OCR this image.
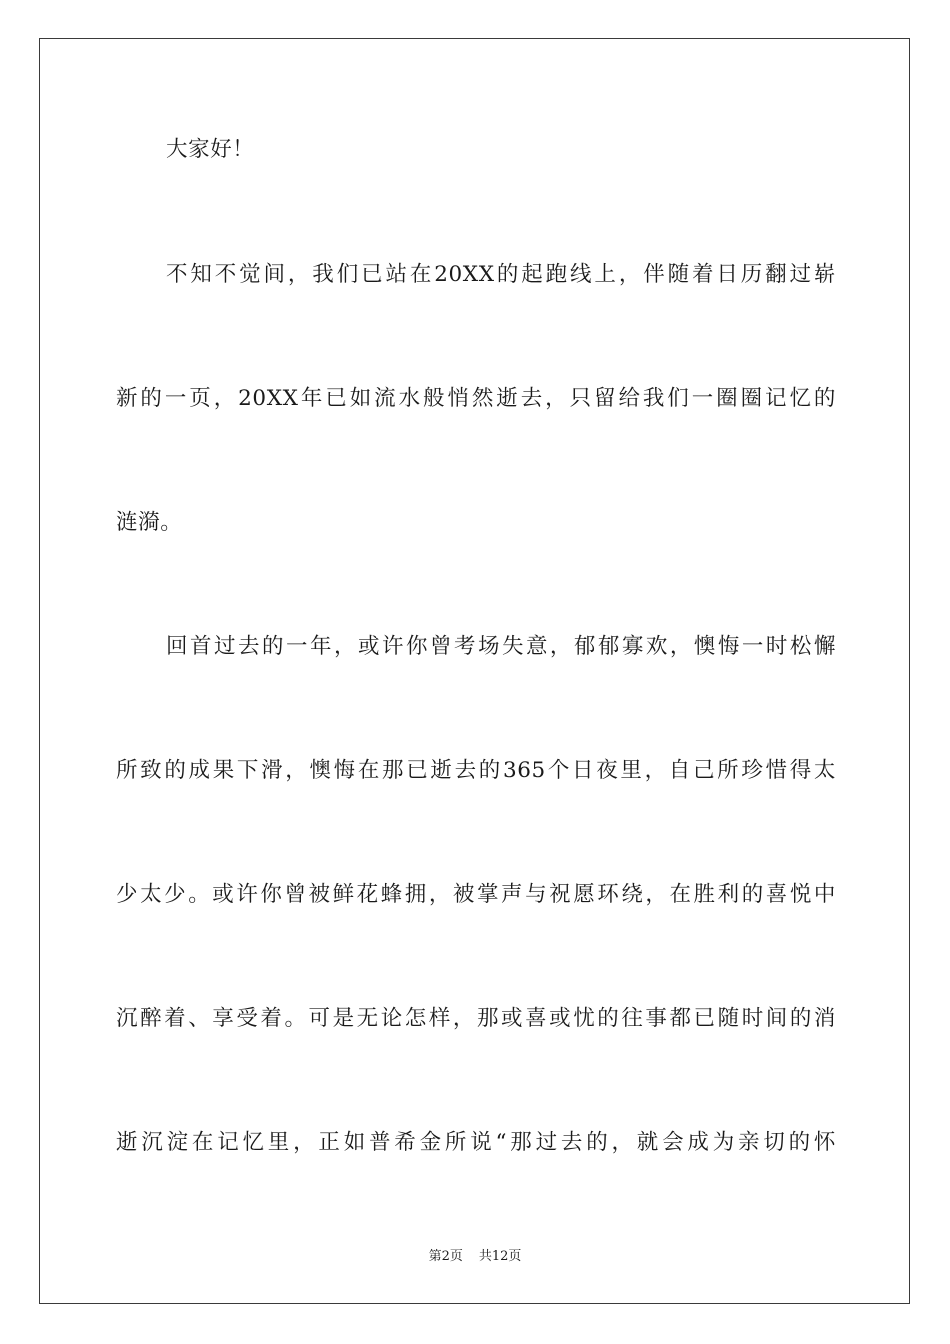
大家好！
不知不觉间，我们已站在20XX的起跑线上，伴随着日历翻过崭
新的一页，20XX年已如流水般悄然逝去，只留给我们一圈圈记忆的
涟漪。
回首过去的一年，或许你曾考场失意，郁郁寡欢，懊悔一时松懈
所致的成果下滑，懊悔在那已逝去的365个日夜里，自己所珍惜得太
少太少。或许你曾被鲜花蜂拥，被掌声与祝愿环绕，在胜利的喜悦中
沉醉着、享受着。可是无论怎样，那或喜或忧的往事都已随时间的消
逝沉淀在记忆里，正如普希金所说“那过去的，就会成为亲切的怀
第2页 共12页
